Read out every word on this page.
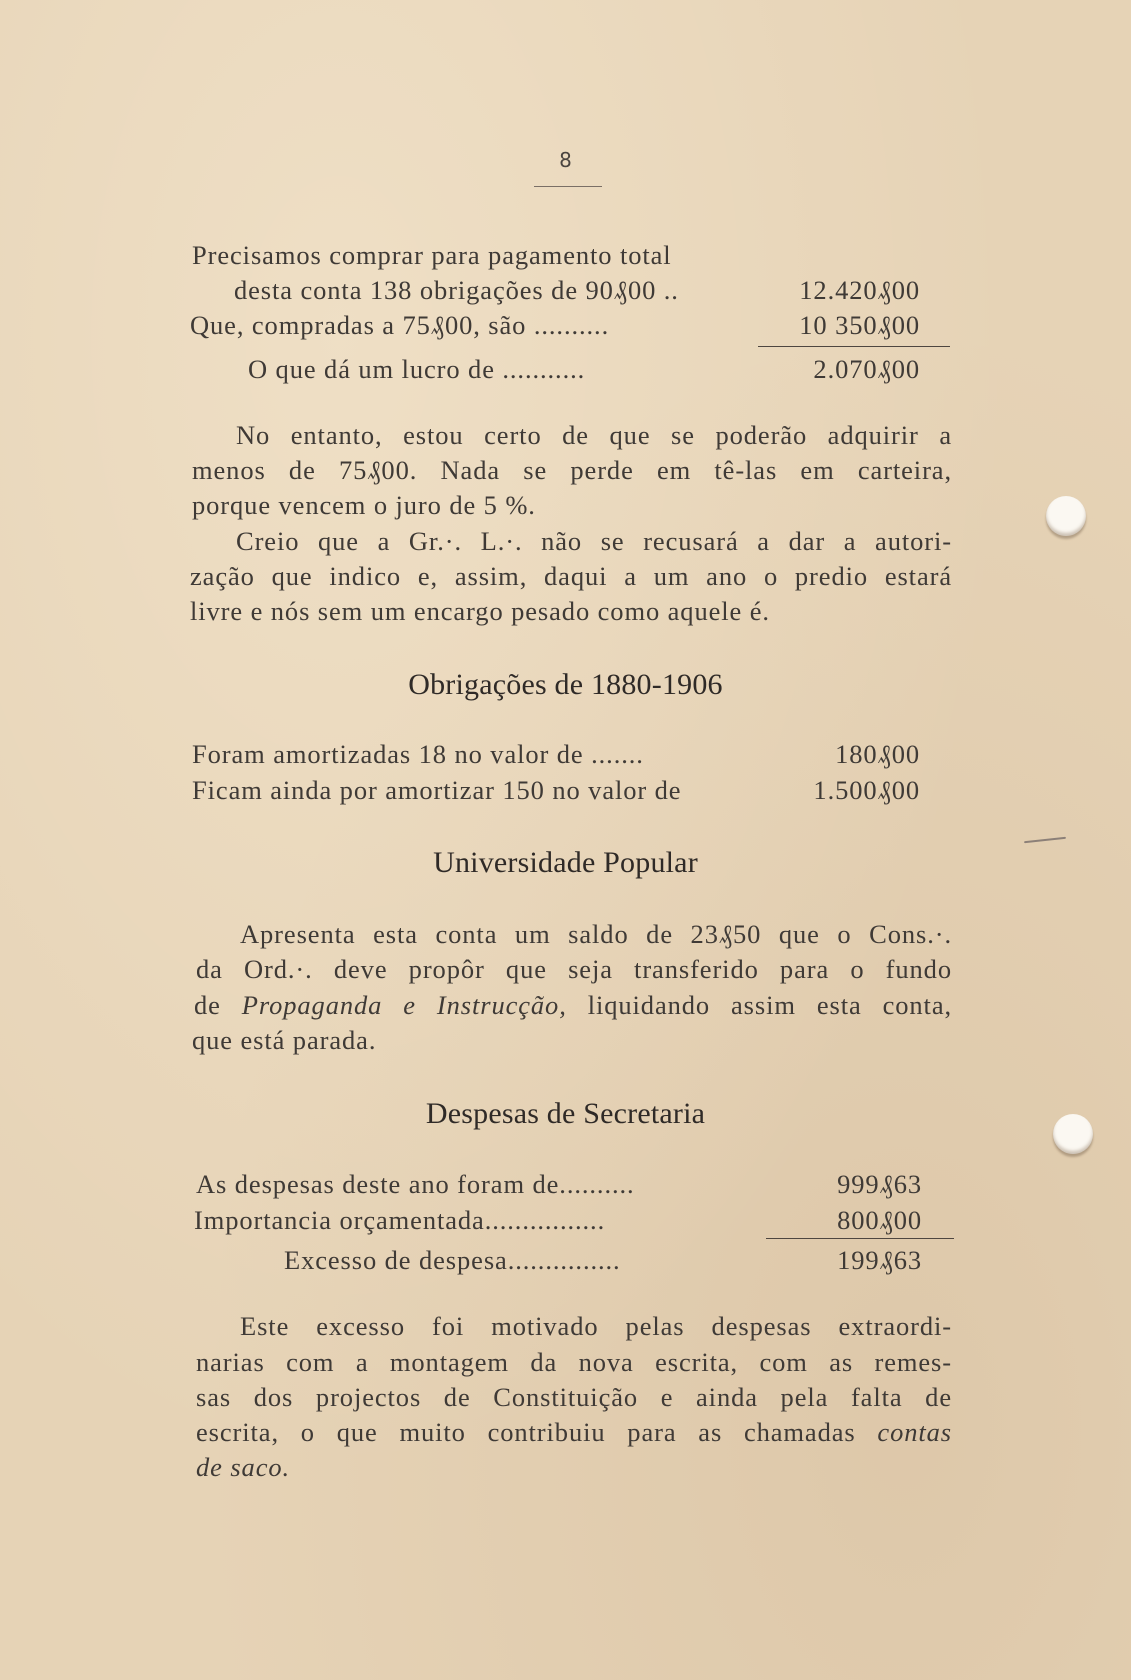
8
Precisamos comprar para pagamento total
desta conta 138 obrigações de 90₰00 ..	12.420₰00
Que, compradas a 75₰00, são ..........	10 350₰00
O que dá um lucro de ...........	2.070₰00
No entanto, estou certo de que se poderão adquirir a
menos de 75₰00. Nada se perde em tê-las em carteira,
porque vencem o juro de 5 %.
Creio que a Gr.·. L.·. não se recusará a dar a autori-
zação que indico e, assim, daqui a um ano o predio estará
livre e nós sem um encargo pesado como aquele é.
Obrigações de 1880-1906
Foram amortizadas 18 no valor de .......	180₰00
Ficam ainda por amortizar 150 no valor de	1.500₰00
Universidade Popular
Apresenta esta conta um saldo de 23₰50 que o Cons.·.
da Ord.·. deve propôr que seja transferido para o fundo
de Propaganda e Instrucção, liquidando assim esta conta,
que está parada.
Despesas de Secretaria
As despesas deste ano foram de..........	999₰63
Importancia orçamentada................	800₰00
Excesso de despesa...............	199₰63
Este excesso foi motivado pelas despesas extraordi-
narias com a montagem da nova escrita, com as remes-
sas dos projectos de Constituição e ainda pela falta de
escrita, o que muito contribuiu para as chamadas contas
de saco.
